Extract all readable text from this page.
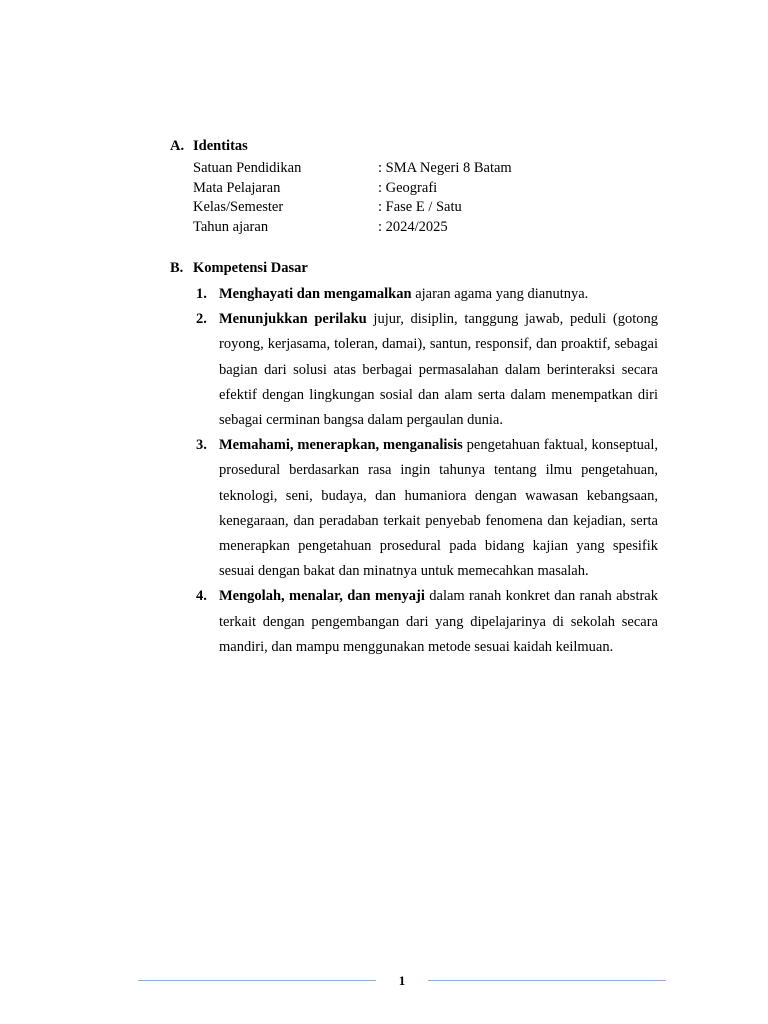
A. Identitas
Satuan Pendidikan	: SMA Negeri 8 Batam
Mata Pelajaran	: Geografi
Kelas/Semester	: Fase E / Satu
Tahun ajaran	: 2024/2025
B. Kompetensi Dasar
1. Menghayati dan mengamalkan ajaran agama yang dianutnya.
2. Menunjukkan perilaku jujur, disiplin, tanggung jawab, peduli (gotong royong, kerjasama, toleran, damai), santun, responsif, dan proaktif, sebagai bagian dari solusi atas berbagai permasalahan dalam berinteraksi secara efektif dengan lingkungan sosial dan alam serta dalam menempatkan diri sebagai cerminan bangsa dalam pergaulan dunia.
3. Memahami, menerapkan, menganalisis pengetahuan faktual, konseptual, prosedural berdasarkan rasa ingin tahunya tentang ilmu pengetahuan, teknologi, seni, budaya, dan humaniora dengan wawasan kebangsaan, kenegaraan, dan peradaban terkait penyebab fenomena dan kejadian, serta menerapkan pengetahuan prosedural pada bidang kajian yang spesifik sesuai dengan bakat dan minatnya untuk memecahkan masalah.
4. Mengolah, menalar, dan menyaji dalam ranah konkret dan ranah abstrak terkait dengan pengembangan dari yang dipelajarinya di sekolah secara mandiri, dan mampu menggunakan metode sesuai kaidah keilmuan.
1
